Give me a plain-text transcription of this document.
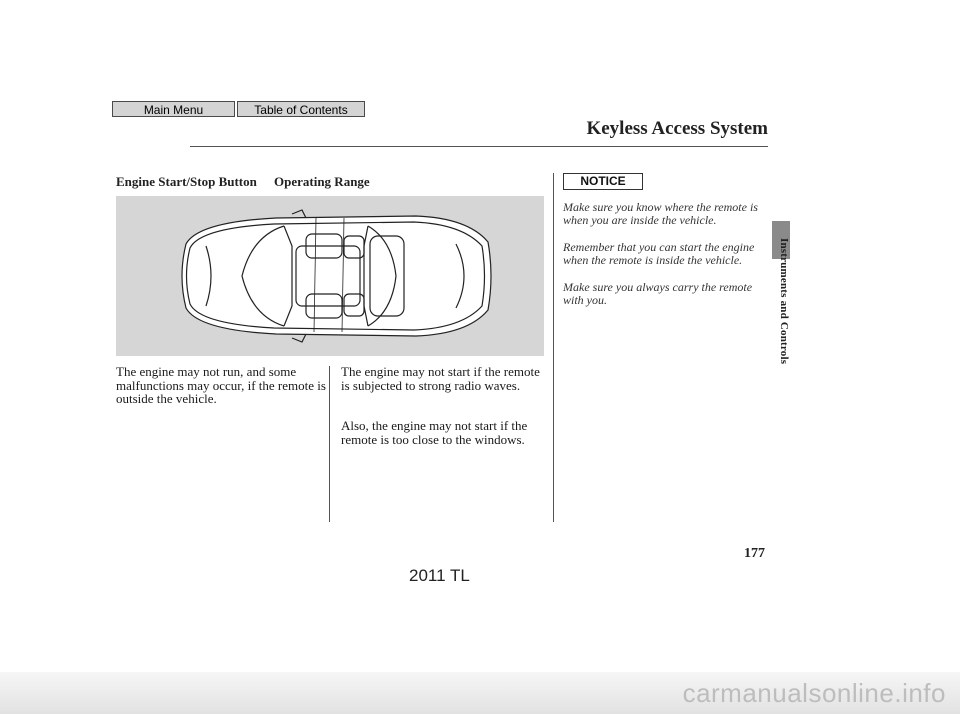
Main Menu	Table of Contents
Keyless Access System
Instruments and Controls
Engine Start/Stop Button Operating Range
The engine may not run, and some malfunctions may occur, if the remote is outside the vehicle.
The engine may not start if the remote is subjected to strong radio waves.
Also, the engine may not start if the remote is too close to the windows.
NOTICE
Make sure you know where the remote is when you are inside the vehicle.
Remember that you can start the engine when the remote is inside the vehicle.
Make sure you always carry the remote with you.
177
2011 TL
carmanualsonline.info
